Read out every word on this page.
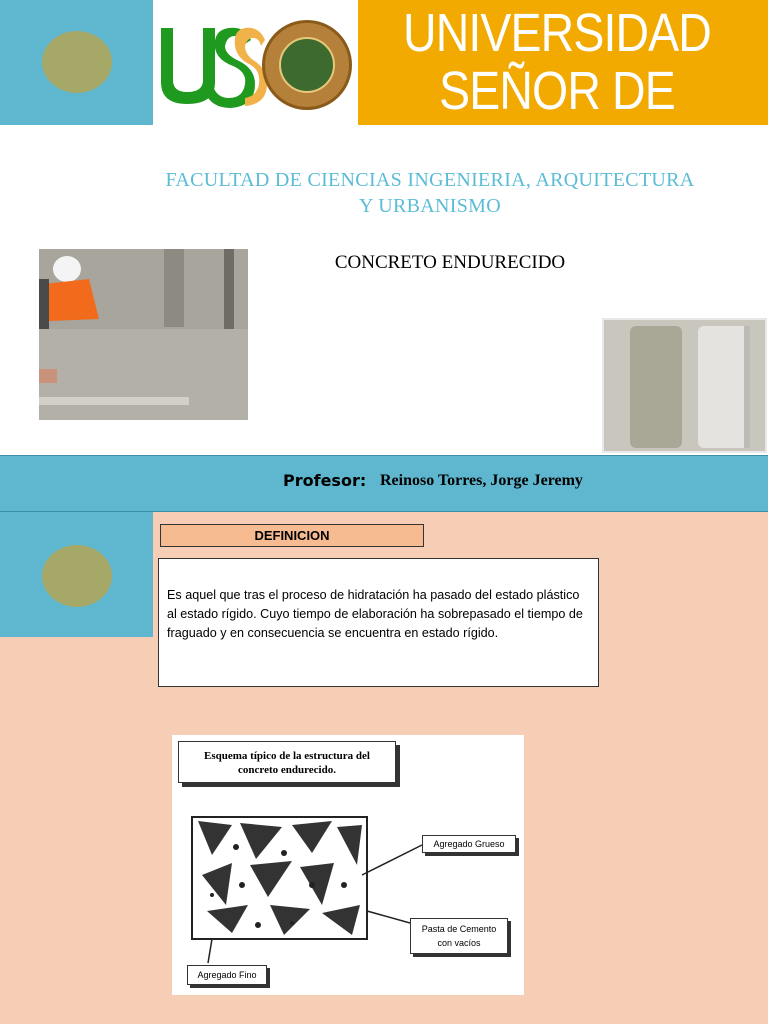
UNIVERSIDAD
SEÑOR DE SIPAN
FACULTAD DE CIENCIAS INGENIERIA, ARQUITECTURA
Y URBANISMO
CONCRETO ENDURECIDO
Profesor: Reinoso Torres, Jorge Jeremy
DEFINICION
Es aquel que tras el proceso de hidratación ha pasado del estado plástico al estado rígido. Cuyo tiempo de elaboración ha sobrepasado el tiempo de fraguado y en consecuencia se encuentra en estado rígido.
Esquema típico de la estructura del
concreto endurecido.
Agregado Grueso
Pasta de Cemento
con vacíos
Agregado Fino
